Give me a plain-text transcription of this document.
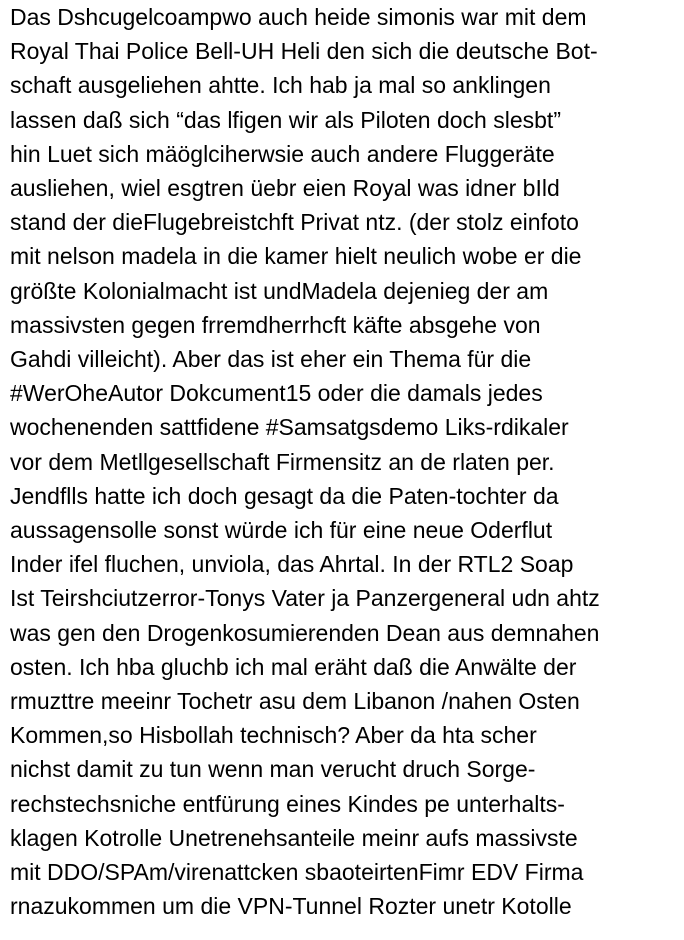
Das Dshcugelcoampwo auch heide simonis war mit dem
Royal Thai Police Bell-UH Heli den sich die deutsche Bot-
schaft ausgeliehen ahtte. Ich hab ja mal so anklingen
lassen daß sich “das lfigen wir als Piloten doch slesbt”
hin Luet sich mäöglciherwsie auch andere Fluggeräte
ausliehen, wiel esgtren üebr eien Royal was idner bIld
stand der dieFlugebreistchft Privat ntz. (der stolz einfoto
mit nelson madela in die kamer hielt neulich wobe er die
größte Kolonialmacht ist undMadela dejenieg der am
massivsten gegen frremdherrhcft käfte absgehe von
Gahdi villeicht). Aber das ist eher ein Thema für die
#WerOheAutor Dokcument15 oder die damals jedes
wochenenden sattfidene #Samsatgsdemo Liks-rdikaler
vor dem Metllgesellschaft Firmensitz an de rlaten per.
Jendflls hatte ich doch gesagt da die Paten-tochter da
aussagensolle sonst würde ich für eine neue Oderflut
Inder ifel fluchen, unviola, das Ahrtal. In der RTL2 Soap
Ist Teirshciutzerror-Tonys Vater ja Panzergeneral udn ahtz
was gen den Drogenkosumierenden Dean aus demnahen
osten. Ich hba gluchb ich mal eräht daß die Anwälte der
rmuzttre meeinr Tochetr asu dem Libanon /nahen Osten
Kommen,so Hisbollah technisch? Aber da hta scher
nichst damit zu tun wenn man verucht druch Sorge-
rechstechsniche entfürung eines Kindes pe unterhalts-
klagen Kotrolle Unetrenehsanteile meinr aufs massivste
mit DDO/SPAm/virenattcken sbaoteirtenFimr EDV Firma
rnazukommen um die VPN-Tunnel Rozter unetr Kotolle
